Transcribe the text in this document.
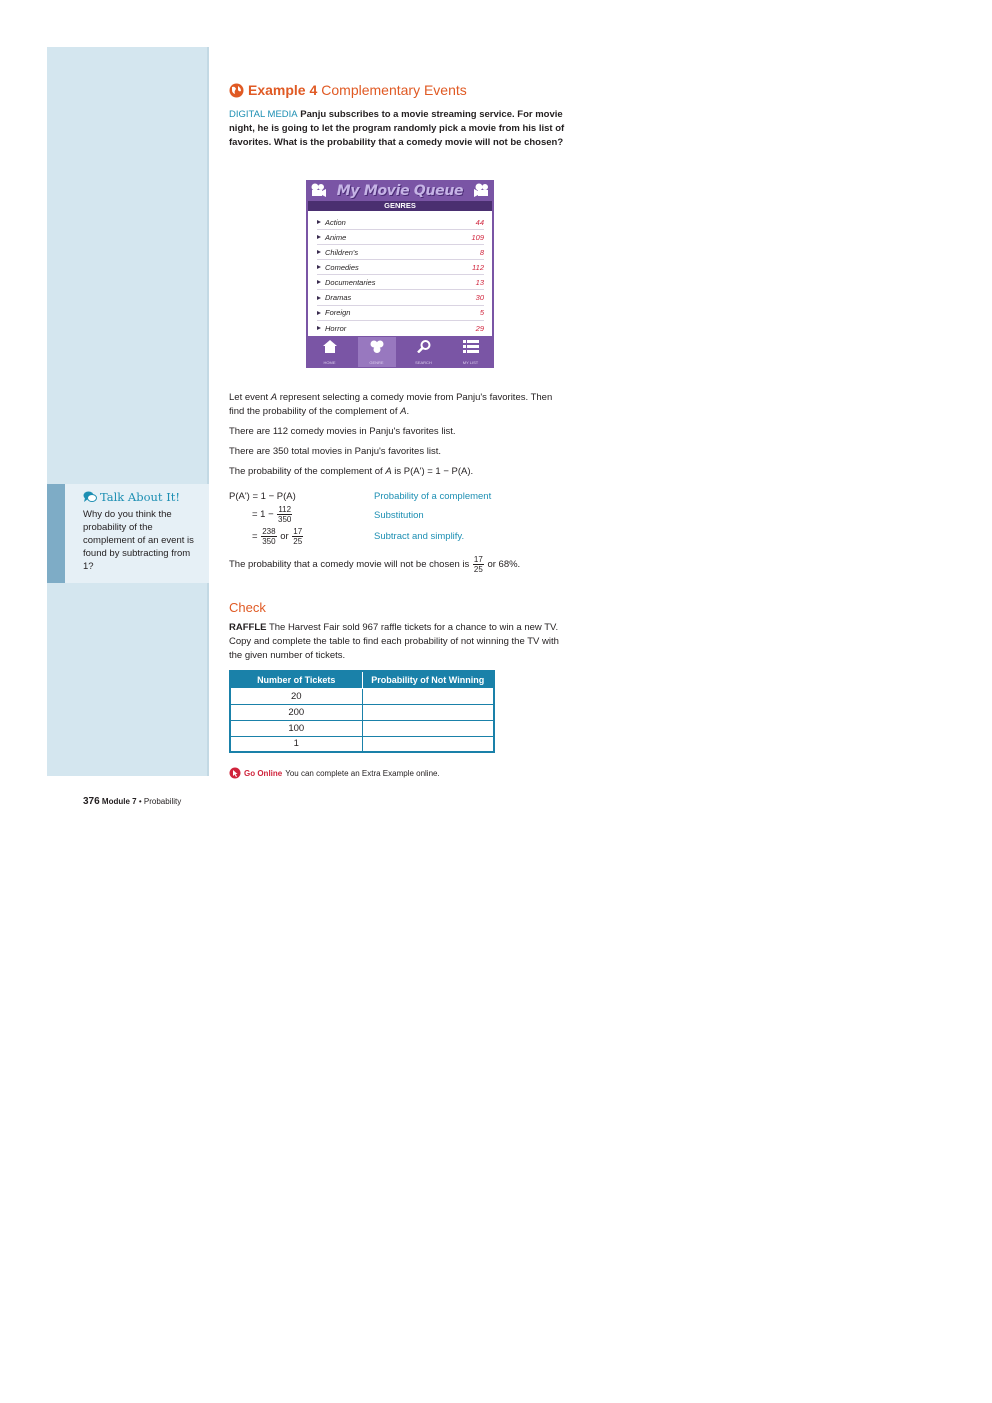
Talk About It!
Why do you think the probability of the complement of an event is found by subtracting from 1?
Example 4 Complementary Events
DIGITAL MEDIA Panju subscribes to a movie streaming service. For movie night, he is going to let the program randomly pick a movie from his list of favorites. What is the probability that a comedy movie will not be chosen?
My Movie Queue
GENRES
Action	44
Anime	109
Children's	8
Comedies	112
Documentaries	13
Dramas	30
Foreign	5
Horror	29
HOME	GENRE	SEARCH	MY LIST
Let event A represent selecting a comedy movie from Panju's favorites. Then find the probability of the complement of A.
There are 112 comedy movies in Panju's favorites list.
There are 350 total movies in Panju's favorites list.
The probability of the complement of A is P(A') = 1 − P(A).
P(A') = 1 − P(A)	Probability of a complement
= $1 - \frac{112}{350}$	Substitution
= $\frac{238}{350}$ or $\frac{17}{25}$	Subtract and simplify.
The probability that a comedy movie will not be chosen is $\frac{17}{25}$ or 68%.
Check
RAFFLE The Harvest Fair sold 967 raffle tickets for a chance to win a new TV. Copy and complete the table to find each probability of not winning the TV with the given number of tickets.
Number of Tickets	Probability of Not Winning
20	
200	
100	
1	
Go Online You can complete an Extra Example online.
376 Module 7 • Probability
